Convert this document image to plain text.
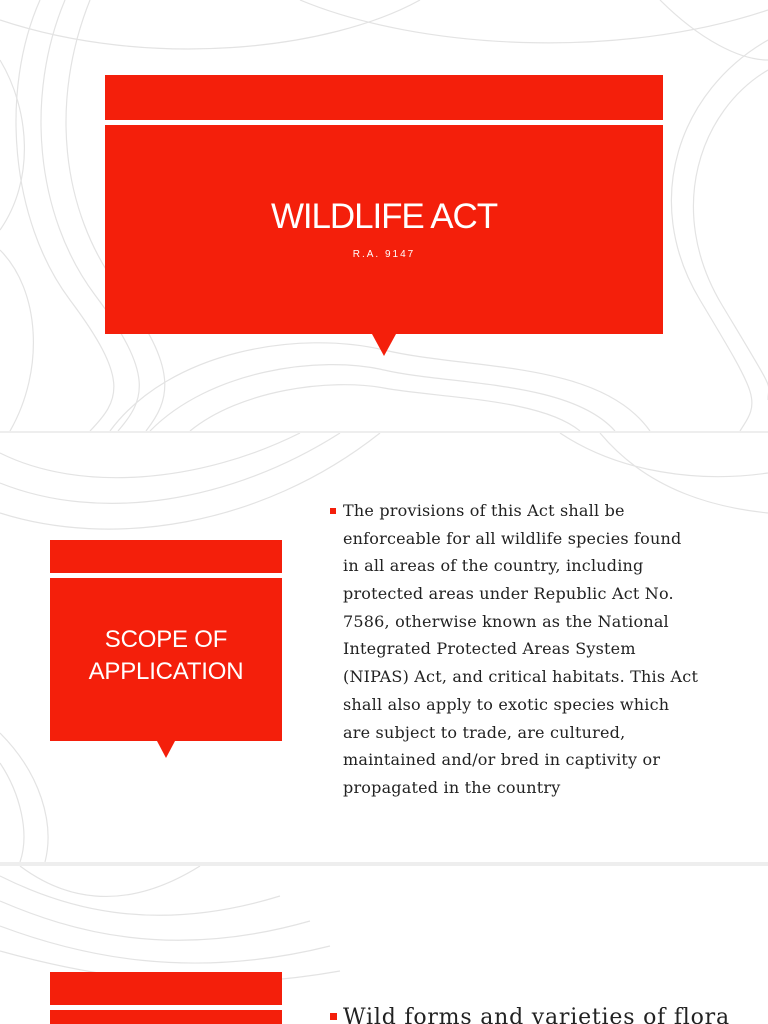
WILDLIFE ACT
R.A. 9147
SCOPE OF APPLICATION
The provisions of this Act shall be
enforceable for all wildlife species found
in all areas of the country, including
protected areas under Republic Act No.
7586, otherwise known as the National
Integrated Protected Areas System
(NIPAS) Act, and critical habitats. This Act
shall also apply to exotic species which
are subject to trade, are cultured,
maintained and/or bred in captivity or
propagated in the country
Wild forms and varieties of flora
